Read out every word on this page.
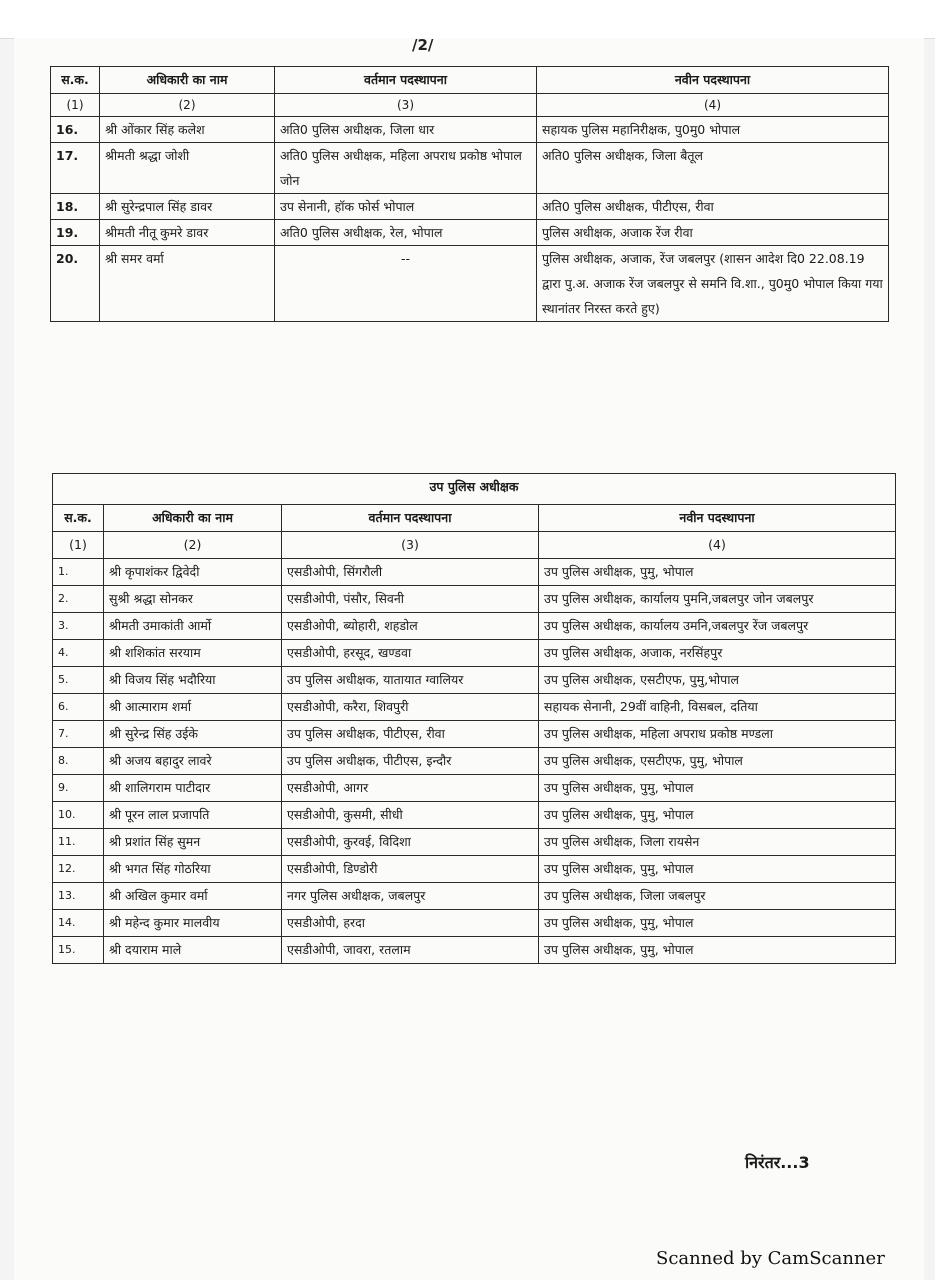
/2/
स.क.	अधिकारी का नाम	वर्तमान पदस्थापना	नवीन पदस्थापना
(1)	(2)	(3)	(4)
16.	श्री ओंकार सिंह कलेश	अति0 पुलिस अधीक्षक, जिला धार	सहायक पुलिस महानिरीक्षक, पु0मु0 भोपाल
17.	श्रीमती श्रद्धा जोशी	अति0 पुलिस अधीक्षक, महिला अपराध प्रकोष्ठ भोपाल जोन	अति0 पुलिस अधीक्षक, जिला बैतूल
18.	श्री सुरेन्द्रपाल सिंह डावर	उप सेनानी, हॉक फोर्स भोपाल	अति0 पुलिस अधीक्षक, पीटीएस, रीवा
19.	श्रीमती नीतू कुमरे डावर	अति0 पुलिस अधीक्षक, रेल, भोपाल	पुलिस अधीक्षक, अजाक रेंज रीवा
20.	श्री समर वर्मा	--	पुलिस अधीक्षक, अजाक, रेंज जबलपुर (शासन आदेश दि0 22.08.19 द्वारा पु.अ. अजाक रेंज जबलपुर से समनि वि.शा., पु0मु0 भोपाल किया गया स्थानांतर निरस्त करते हुए)
उप पुलिस अधीक्षक			
स.क.	अधिकारी का नाम	वर्तमान पदस्थापना	नवीन पदस्थापना
(1)	(2)	(3)	(4)
1.	श्री कृपाशंकर द्विवेदी	एसडीओपी, सिंगरौली	उप पुलिस अधीक्षक, पुमु, भोपाल
2.	सुश्री श्रद्धा सोनकर	एसडीओपी, पंसौर, सिवनी	उप पुलिस अधीक्षक, कार्यालय पुमनि,जबलपुर जोन जबलपुर
3.	श्रीमती उमाकांती आर्मो	एसडीओपी, ब्योहारी, शहडोल	उप पुलिस अधीक्षक, कार्यालय उमनि,जबलपुर रेंज जबलपुर
4.	श्री शशिकांत सरयाम	एसडीओपी, हरसूद, खण्डवा	उप पुलिस अधीक्षक, अजाक, नरसिंहपुर
5.	श्री विजय सिंह भदौरिया	उप पुलिस अधीक्षक, यातायात ग्वालियर	उप पुलिस अधीक्षक, एसटीएफ, पुमु,भोपाल
6.	श्री आत्माराम शर्मा	एसडीओपी, करैरा, शिवपुरी	सहायक सेनानी, 29वीं वाहिनी, विसबल, दतिया
7.	श्री सुरेन्द्र सिंह उईके	उप पुलिस अधीक्षक, पीटीएस, रीवा	उप पुलिस अधीक्षक, महिला अपराध प्रकोष्ठ मण्डला
8.	श्री अजय बहादुर लावरे	उप पुलिस अधीक्षक, पीटीएस, इन्दौर	उप पुलिस अधीक्षक, एसटीएफ, पुमु, भोपाल
9.	श्री शालिगराम पाटीदार	एसडीओपी, आगर	उप पुलिस अधीक्षक, पुमु, भोपाल
10.	श्री पूरन लाल प्रजापति	एसडीओपी, कुसमी, सीधी	उप पुलिस अधीक्षक, पुमु, भोपाल
11.	श्री प्रशांत सिंह सुमन	एसडीओपी, कुरवई, विदिशा	उप पुलिस अधीक्षक, जिला रायसेन
12.	श्री भगत सिंह गोठरिया	एसडीओपी, डिण्डोरी	उप पुलिस अधीक्षक, पुमु, भोपाल
13.	श्री अखिल कुमार वर्मा	नगर पुलिस अधीक्षक, जबलपुर	उप पुलिस अधीक्षक, जिला जबलपुर
14.	श्री महेन्द कुमार मालवीय	एसडीओपी, हरदा	उप पुलिस अधीक्षक, पुमु, भोपाल
15.	श्री दयाराम माले	एसडीओपी, जावरा, रतलाम	उप पुलिस अधीक्षक, पुमु, भोपाल
निरंतर...3
Scanned by CamScanner
